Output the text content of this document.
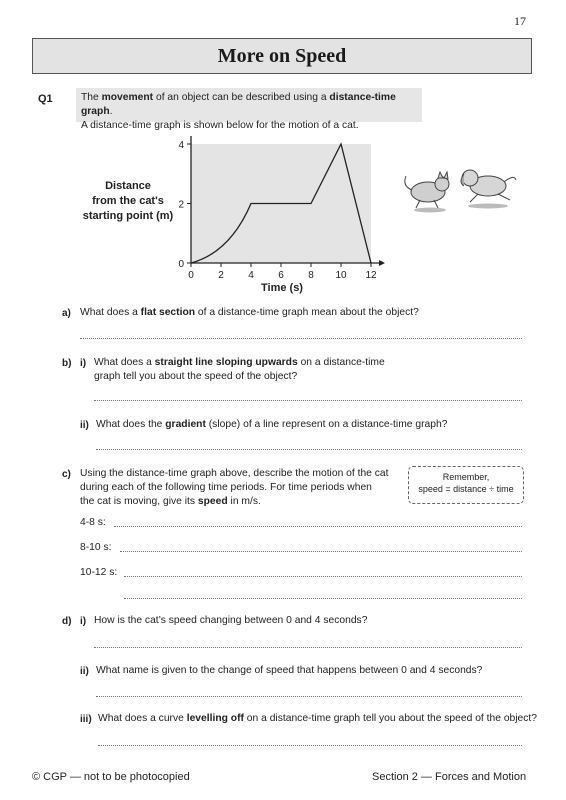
17
More on Speed
Q1	The movement of an object can be described using a distance-time graph.
A distance-time graph is shown below for the motion of a cat.
Distance
from the cat's
starting point (m)
0 2 4 6 8 10 12
0
2
4
Time (s)
a) What does a flat section of a distance-time graph mean about the object?
b) i) What does a straight line sloping upwards on a distance-time
graph tell you about the speed of the object?
ii) What does the gradient (slope) of a line represent on a distance-time graph?
c) Using the distance-time graph above, describe the motion of the cat
during each of the following time periods. For time periods when
the cat is moving, give its speed in m/s.
Remember,
speed = distance ÷ time
4-8 s:
8-10 s:
10-12 s:
d) i) How is the cat’s speed changing between 0 and 4 seconds?
ii) What name is given to the change of speed that happens between 0 and 4 seconds?
iii) What does a curve levelling off on a distance-time graph tell you about the speed of the object?
© CGP — not to be photocopied	Section 2 — Forces and Motion
